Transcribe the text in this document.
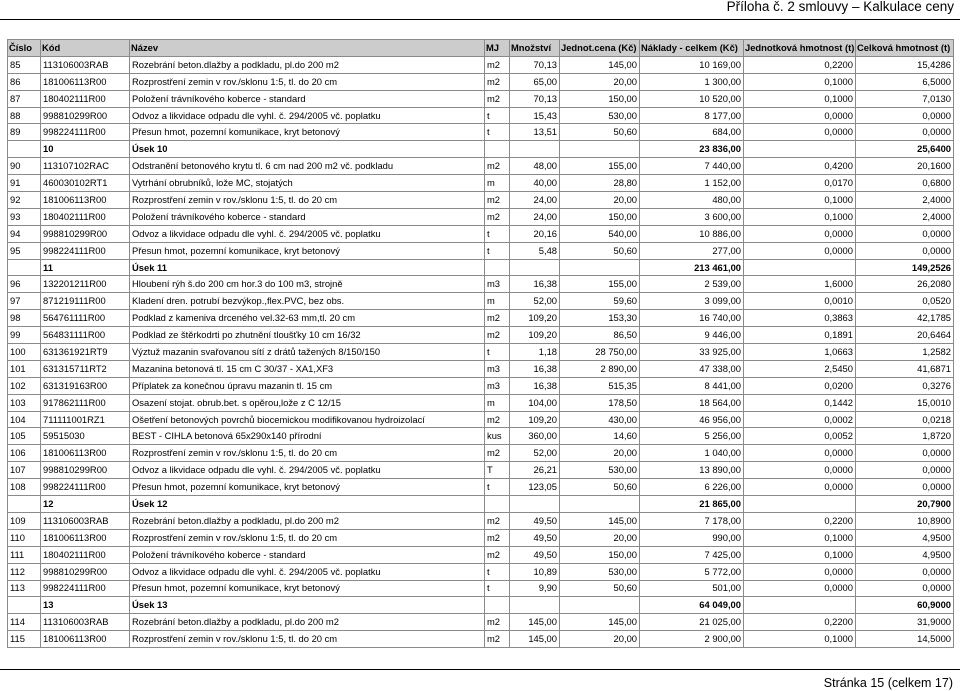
Příloha č. 2 smlouvy – Kalkulace ceny
Číslo	Kód	Název	MJ	Množství	Jednot.cena (Kč)	Náklady - celkem (Kč)	Jednotková hmotnost (t)	Celková hmotnost (t)
85	113106003RAB	Rozebrání beton.dlažby a podkladu, pl.do 200 m2	m2	70,13	145,00	10 169,00	0,2200	15,4286
86	181006113R00	Rozprostření zemin v rov./sklonu 1:5, tl. do 20 cm	m2	65,00	20,00	1 300,00	0,1000	6,5000
87	180402111R00	Položení trávníkového koberce - standard	m2	70,13	150,00	10 520,00	0,1000	7,0130
88	998810299R00	Odvoz a likvidace odpadu dle vyhl. č. 294/2005 vč. poplatku	t	15,43	530,00	8 177,00	0,0000	0,0000
89	998224111R00	Přesun hmot, pozemní komunikace, kryt betonový	t	13,51	50,60	684,00	0,0000	0,0000
	10	Úsek 10				23 836,00		25,6400
90	113107102RAC	Odstranění betonového krytu tl. 6 cm nad 200 m2 vč. podkladu	m2	48,00	155,00	7 440,00	0,4200	20,1600
91	460030102RT1	Vytrhání obrubníků, lože MC, stojatých	m	40,00	28,80	1 152,00	0,0170	0,6800
92	181006113R00	Rozprostření zemin v rov./sklonu 1:5, tl. do 20 cm	m2	24,00	20,00	480,00	0,1000	2,4000
93	180402111R00	Položení trávníkového koberce - standard	m2	24,00	150,00	3 600,00	0,1000	2,4000
94	998810299R00	Odvoz a likvidace odpadu dle vyhl. č. 294/2005 vč. poplatku	t	20,16	540,00	10 886,00	0,0000	0,0000
95	998224111R00	Přesun hmot, pozemní komunikace, kryt betonový	t	5,48	50,60	277,00	0,0000	0,0000
	11	Úsek 11				213 461,00		149,2526
96	132201211R00	Hloubení rýh š.do 200 cm hor.3 do 100 m3, strojně	m3	16,38	155,00	2 539,00	1,6000	26,2080
97	871219111R00	Kladení dren. potrubí bezvýkop.,flex.PVC, bez obs.	m	52,00	59,60	3 099,00	0,0010	0,0520
98	564761111R00	Podklad z kameniva drceného vel.32-63 mm,tl. 20 cm	m2	109,20	153,30	16 740,00	0,3863	42,1785
99	564831111R00	Podklad ze štěrkodrti po zhutnění tloušťky 10 cm 16/32	m2	109,20	86,50	9 446,00	0,1891	20,6464
100	631361921RT9	Výztuž mazanin svařovanou sítí z drátů tažených 8/150/150	t	1,18	28 750,00	33 925,00	1,0663	1,2582
101	631315711RT2	Mazanina betonová tl. 15 cm C 30/37 - XA1,XF3	m3	16,38	2 890,00	47 338,00	2,5450	41,6871
102	631319163R00	Příplatek za konečnou úpravu mazanin tl. 15 cm	m3	16,38	515,35	8 441,00	0,0200	0,3276
103	917862111R00	Osazení stojat. obrub.bet. s opěrou,lože z C 12/15	m	104,00	178,50	18 564,00	0,1442	15,0010
104	711111001RZ1	Ošetření betonových povrchů biocemickou modifikovanou hydroizolací	m2	109,20	430,00	46 956,00	0,0002	0,0218
105	59515030	BEST - CIHLA betonová 65x290x140 přírodní	kus	360,00	14,60	5 256,00	0,0052	1,8720
106	181006113R00	Rozprostření zemin v rov./sklonu 1:5, tl. do 20 cm	m2	52,00	20,00	1 040,00	0,0000	0,0000
107	998810299R00	Odvoz a likvidace odpadu dle vyhl. č. 294/2005 vč. poplatku	T	26,21	530,00	13 890,00	0,0000	0,0000
108	998224111R00	Přesun hmot, pozemní komunikace, kryt betonový	t	123,05	50,60	6 226,00	0,0000	0,0000
	12	Úsek 12				21 865,00		20,7900
109	113106003RAB	Rozebrání beton.dlažby a podkladu, pl.do 200 m2	m2	49,50	145,00	7 178,00	0,2200	10,8900
110	181006113R00	Rozprostření zemin v rov./sklonu 1:5, tl. do 20 cm	m2	49,50	20,00	990,00	0,1000	4,9500
111	180402111R00	Položení trávníkového koberce - standard	m2	49,50	150,00	7 425,00	0,1000	4,9500
112	998810299R00	Odvoz a likvidace odpadu dle vyhl. č. 294/2005 vč. poplatku	t	10,89	530,00	5 772,00	0,0000	0,0000
113	998224111R00	Přesun hmot, pozemní komunikace, kryt betonový	t	9,90	50,60	501,00	0,0000	0,0000
	13	Úsek 13				64 049,00		60,9000
114	113106003RAB	Rozebrání beton.dlažby a podkladu, pl.do 200 m2	m2	145,00	145,00	21 025,00	0,2200	31,9000
115	181006113R00	Rozprostření zemin v rov./sklonu 1:5, tl. do 20 cm	m2	145,00	20,00	2 900,00	0,1000	14,5000
Stránka 15 (celkem 17)
